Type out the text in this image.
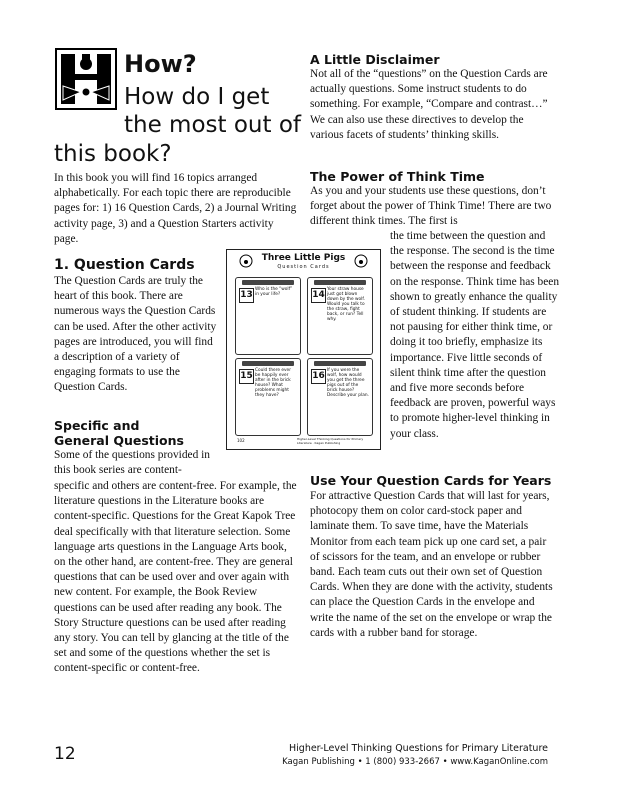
How?
How do I get
the most out of
this book?

In this book you will find 16 topics arranged alphabetically. For each topic there are reproducible pages for: 1) 16 Question Cards, 2) a Journal Writing activity page, 3) and a Question Starters activity page.

1. Question Cards

The Question Cards are truly the heart of this book. There are numerous ways the Question Cards can be used. After the other activity pages are introduced, you will find a description of a variety of engaging formats to use the Question Cards.

Specific and
General Questions

Some of the questions provided in this book series are content-

specific and others are content-free. For example, the literature questions in the Literature books are content-specific. Questions for the Great Kapok Tree deal specifically with that literature selection. Some language arts questions in the Language Arts book, on the other hand, are content-free. They are general questions that can be used over and over again with new content. For example, the Book Review questions can be used after reading any book. The Story Structure questions can be used after reading any story. You can tell by glancing at the title of the set and some of the questions whether the set is content-specific or content-free.

Three Little Pigs
Question Cards
13
Who is the “wolf” in your life?	14
Your straw house just got blown down by the wolf. Would you talk to the straw, fight back, or run? Tell why.
15
Could there ever be happily ever after in the brick house? What problems might they have?
16
If you were the wolf, how would you get the three pigs out of the brick house? Describe your plan.
102	Higher-Level Thinking Questions for Primary Literature · Kagan Publishing
A Little Disclaimer

Not all of the “questions” on the Question Cards are actually questions. Some instruct students to do something. For example, “Compare and contrast…” We can also use these directives to develop the various facets of students’ thinking skills.

The Power of Think Time

As you and your students use these questions, don’t forget about the power of Think Time! There are two different think times. The first is

the time between the question and the response. The second is the time between the response and feedback on the response. Think time has been shown to greatly enhance the quality of student thinking. If students are not pausing for either think time, or doing it too briefly, emphasize its importance. Five little seconds of silent think time after the question and five more seconds before feedback are proven, powerful ways to promote higher-level thinking in your class.

Use Your Question Cards for Years

For attractive Question Cards that will last for years, photocopy them on color card-stock paper and laminate them. To save time, have the Materials Monitor from each team pick up one card set, a pair of scissors for the team, and an envelope or rubber band. Each team cuts out their own set of Question Cards. When they are done with the activity, students can place the Question Cards in the envelope and write the name of the set on the envelope or wrap the cards with a rubber band for storage.

12	Higher-Level Thinking Questions for Primary Literature
Kagan Publishing • 1 (800) 933-2667 • www.KaganOnline.com
